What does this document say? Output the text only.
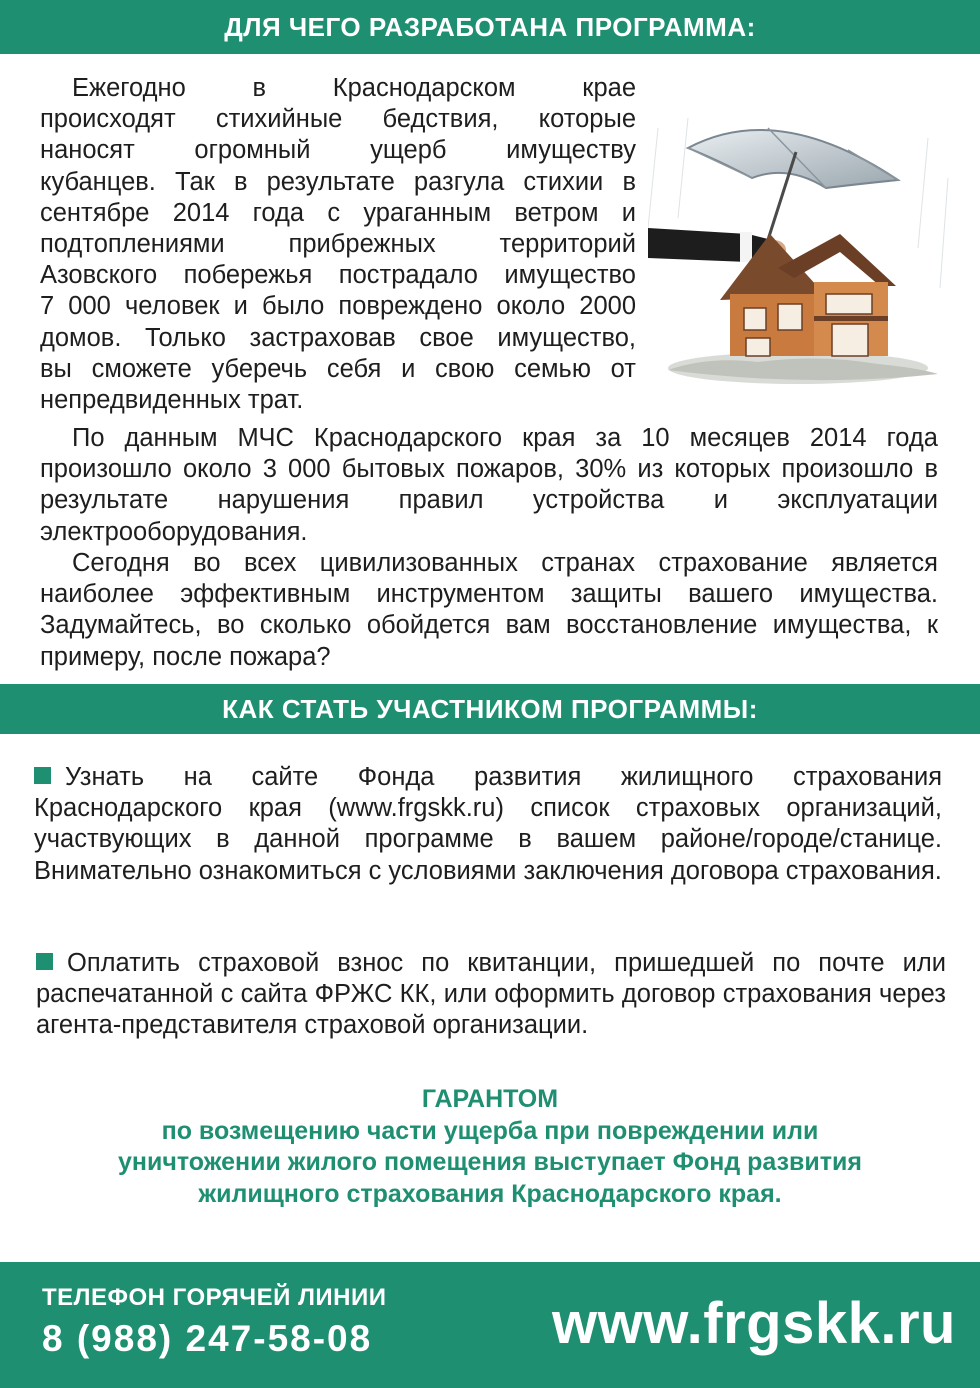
ДЛЯ ЧЕГО РАЗРАБОТАНА ПРОГРАММА:

Ежегодно в Краснодарском крае

происходят стихийные бедствия, которые

наносят огромный ущерб имуществу

кубанцев. Так в результате разгула стихии в

сентябре 2014 года с ураганным ветром и

подтоплениями прибрежных территорий

Азовского побережья пострадало имущество

7 000 человек и было повреждено около 2000

домов. Только застраховав свое имущество,

вы сможете уберечь себя и свою семью от

непредвиденных трат.

По данным МЧС Краснодарского края за 10 месяцев 2014 года произошло около 3 000 бытовых пожаров, 30% из которых произошло в результате нарушения правил устройства и эксплуатации электрооборудования.

Сегодня во всех цивилизованных странах страхование является наиболее эффективным инструментом защиты вашего имущества. Задумайтесь, во сколько обойдется вам восстановление имущества, к примеру, после пожара?

КАК СТАТЬ УЧАСТНИКОМ ПРОГРАММЫ:
Узнать на сайте Фонда развития жилищного страхования Краснодарского края (www.frgskk.ru) список страховых организаций, участвующих в данной программе в вашем районе/городе/станице. Внимательно ознакомиться с условиями заключения договора страхования.
Оплатить страховой взнос по квитанции, пришедшей по почте или распечатанной с сайта ФРЖС КК, или оформить договор страхования через агента-представителя страховой организации.
ГАРАНТОМ
по возмещению части ущерба при повреждении или
уничтожении жилого помещения выступает Фонд развития
жилищного страхования Краснодарского края.
ТЕЛЕФОН ГОРЯЧЕЙ ЛИНИИ
8 (988) 247-58-08	www.frgskk.ru
